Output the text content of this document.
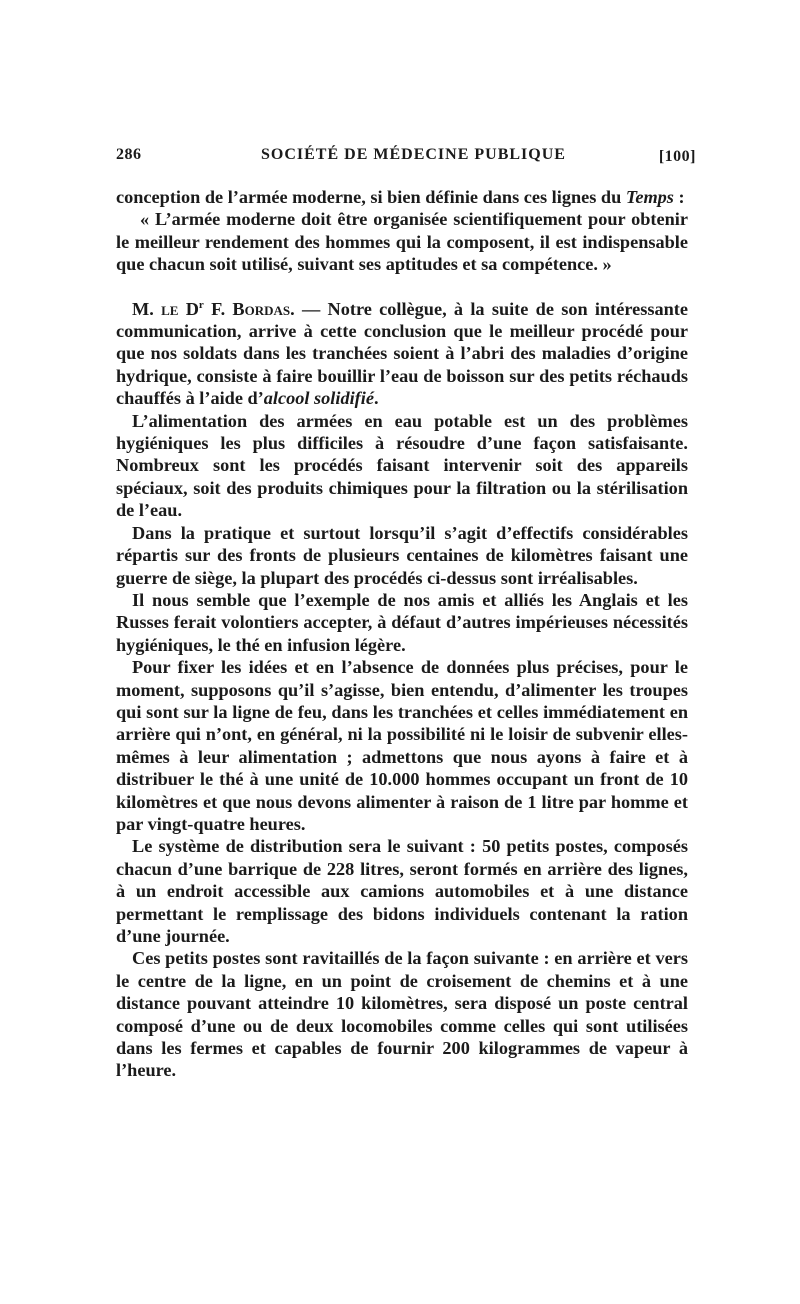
286	SOCIÉTÉ DE MÉDECINE PUBLIQUE	[100]

conception de l’armée moderne, si bien définie dans ces lignes du Temps :

« L’armée moderne doit être organisée scientifiquement pour obtenir le meilleur rendement des hommes qui la composent, il est indispensable que chacun soit utilisé, suivant ses aptitudes et sa compétence. »

M. le $D^r$ F. Bordas. — Notre collègue, à la suite de son intéressante communication, arrive à cette conclusion que le meilleur procédé pour que nos soldats dans les tranchées soient à l’abri des maladies d’origine hydrique, consiste à faire bouillir l’eau de boisson sur des petits réchauds chauffés à l’aide d’alcool solidifié.

L’alimentation des armées en eau potable est un des problèmes hygiéniques les plus difficiles à résoudre d’une façon satisfaisante. Nombreux sont les procédés faisant intervenir soit des appareils spéciaux, soit des produits chimiques pour la filtration ou la stérilisation de l’eau.

Dans la pratique et surtout lorsqu’il s’agit d’effectifs considérables répartis sur des fronts de plusieurs centaines de kilomètres faisant une guerre de siège, la plupart des procédés ci-dessus sont irréalisables.

Il nous semble que l’exemple de nos amis et alliés les Anglais et les Russes ferait volontiers accepter, à défaut d’autres impérieuses nécessités hygiéniques, le thé en infusion légère.

Pour fixer les idées et en l’absence de données plus précises, pour le moment, supposons qu’il s’agisse, bien entendu, d’alimenter les troupes qui sont sur la ligne de feu, dans les tranchées et celles immédiatement en arrière qui n’ont, en général, ni la possibilité ni le loisir de subvenir elles-mêmes à leur alimentation ; admettons que nous ayons à faire et à distribuer le thé à une unité de 10.000 hommes occupant un front de 10 kilomètres et que nous devons alimenter à raison de 1 litre par homme et par vingt-quatre heures.

Le système de distribution sera le suivant : 50 petits postes, composés chacun d’une barrique de 228 litres, seront formés en arrière des lignes, à un endroit accessible aux camions automobiles et à une distance permettant le remplissage des bidons individuels contenant la ration d’une journée.

Ces petits postes sont ravitaillés de la façon suivante : en arrière et vers le centre de la ligne, en un point de croisement de chemins et à une distance pouvant atteindre 10 kilomètres, sera disposé un poste central composé d’une ou de deux locomobiles comme celles qui sont utilisées dans les fermes et capables de fournir 200 kilogrammes de vapeur à l’heure.
